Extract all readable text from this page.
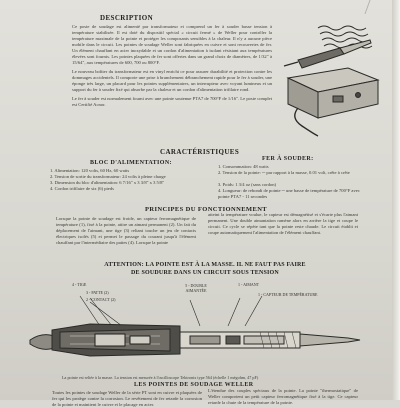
DESCRIPTION

Ce poste de soudage est alimenté par transformateur et comprend un fer à souder basse tension à température stabilisée. Il est doté du dispositif spécial « circuit fermé » de Weller pour contrôler la température maximale de la pointe et protéger les composants sensibles à la chaleur. Il n'y a aucune pièce mobile dans le circuit. Les pointes de soudage Weller sont fabriquées en cuivre et sont recouvertes de fer. Un élément chauffant en acier inoxydable et un cordon d'alimentation à isolant résistant aux températures élevées sont fournis. Les pointes plaquées de fer sont offertes dans un grand choix de diamètres, de 1/32" à 15/64", aux températures de 600, 700 ou 800°F.

Le nouveau boîtier du transformateur est en vinyl enrichi ce pour assurer durabilité et protection contre les dommages accidentels. Il comporte une prise à branchement débranchement rapide pour le fer à souder, une éponge très large, un placard pour les pointes supplémentaires, un interrupteur avec voyant lumineux et un support du fer à souder fixé qui absorbe par la chaleur et un cordon d'alimentation trifilaire rond.

Le fer à souder est normalement fourni avec une pointe soutenue PTA7 de 700°F de 1/16". Le poste complet est Certifié Acnor.

CARACTÉRISTIQUES
BLOC D'ALIMENTATION:
1. Alimentation: 120 volts, 60 Hz, 60 watts
2. Tension de sortie du transformateur: 24 volts à pleine charge
3. Dimension du bloc d'alimentation: 6 7/16" x 3 3/8" x 3 5/8"
4. Cordon trifilaire de six (6) pieds
FER À SOUDER:
1. Consommation: 48 watts
2. Tension de la pointe: ─ par rapport à la masse, 0.01 volt, crête à crête
3. Poids: 1 3/4 oz (sans cordon)
4. Longueur: de rebondi de pointe ─ une basse de température de 700°F avec pointe PTA7 - 11 secondes
PRINCIPES DU FONCTIONNEMENT
Lorsque la pointe de soudage est froide, un capteur ferromagnétique de température (1), fixé à la pointe, attire un aimant permanent (2). Un fait du déplacement de l'aimant, une tige (3) reliant touche un jeu de contacts électriques isolés (5) et permet le passage du courant jusqu'à l'élément chauffant par l'intermédiaire des pattes (4). Lorsque la pointe
atteint la température voulue, le capteur est démagnétisé et s'écarte plus l'aimant permanent. Une double aimantation ramène alors en arrière la tige et coupe le circuit. Ce cycle se répète tant que la pointe reste chaude. Le circuit établit et coupe automatiquement l'alimentation de l'élément chauffant.
ATTENTION: LA POINTE EST À LA MASSE. IL NE FAUT PAS FAIRE
DE SOUDURE DANS UN CIRCUIT SOUS TENSION
4 - TIGE
3 - PATTE (2)
2 - CONTACT (2)
5 - DOUBLE AIMANTÉE
1 - AIMANT
1 - CAPTEUR DE TEMPÉRATURE
La pointe est reliée à la masse. La tension est mesurée à l'oscilloscope Tektronix type 564 (échelle 1 mégohm, 47 pF)
LES POINTES DE SOUDAGE WELLER
Toutes les pointes de soudage Weller de la série PT sont en cuivre et plaquées de fer qui les protège contre la corrosion. Le revêtement de fer retarde la corrosion de la pointe et maintient le cuivre et le placage en acier.
L'étendue des couples spéciaux de la pointe. La pointe "thermostatique" de Weller comportent un petit capteur ferromagnétique fixé à la tige. Ce capteur retarde la chute de la température de la pointe.
